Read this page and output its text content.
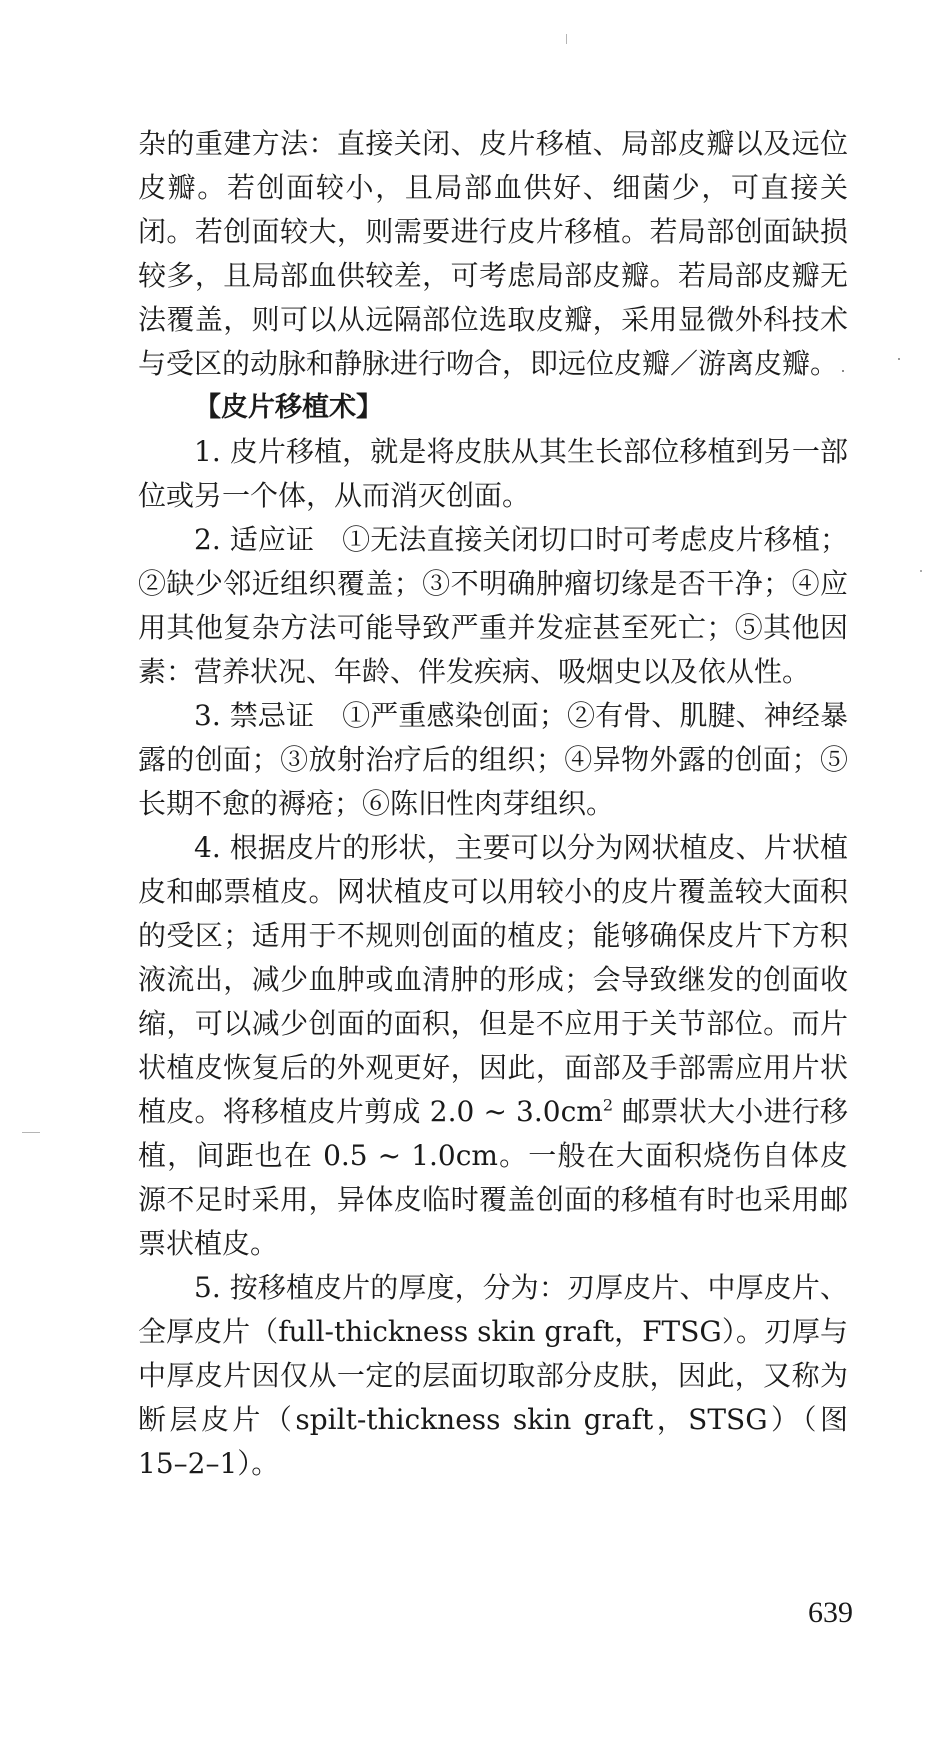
杂的重建方法：直接关闭、皮片移植、局部皮瓣以及远位皮瓣。若创面较小，且局部血供好、细菌少，可直接关闭。若创面较大，则需要进行皮片移植。若局部创面缺损较多，且局部血供较差，可考虑局部皮瓣。若局部皮瓣无法覆盖，则可以从远隔部位选取皮瓣，采用显微外科技术与受区的动脉和静脉进行吻合，即远位皮瓣／游离皮瓣。

【皮片移植术】

1. 皮片移植，就是将皮肤从其生长部位移植到另一部位或另一个体，从而消灭创面。

2. 适应证　①无法直接关闭切口时可考虑皮片移植；②缺少邻近组织覆盖；③不明确肿瘤切缘是否干净；④应用其他复杂方法可能导致严重并发症甚至死亡；⑤其他因素：营养状况、年龄、伴发疾病、吸烟史以及依从性。

3. 禁忌证　①严重感染创面；②有骨、肌腱、神经暴露的创面；③放射治疗后的组织；④异物外露的创面；⑤长期不愈的褥疮；⑥陈旧性肉芽组织。

4. 根据皮片的形状，主要可以分为网状植皮、片状植皮和邮票植皮。网状植皮可以用较小的皮片覆盖较大面积的受区；适用于不规则创面的植皮；能够确保皮片下方积液流出，减少血肿或血清肿的形成；会导致继发的创面收缩，可以减少创面的面积，但是不应用于关节部位。而片状植皮恢复后的外观更好，因此，面部及手部需应用片状植皮。将移植皮片剪成 2.0 ~ $3.0cm^2$ 邮票状大小进行移植，间距也在 0.5 ~ 1.0cm。一般在大面积烧伤自体皮源不足时采用，异体皮临时覆盖创面的移植有时也采用邮票状植皮。

5. 按移植皮片的厚度，分为：刃厚皮片、中厚皮片、全厚皮片（full-thickness skin graft，FTSG）。刃厚与中厚皮片因仅从一定的层面切取部分皮肤，因此，又称为断层皮片（spilt-thickness skin graft，STSG）（图 15–2–1）。

639
